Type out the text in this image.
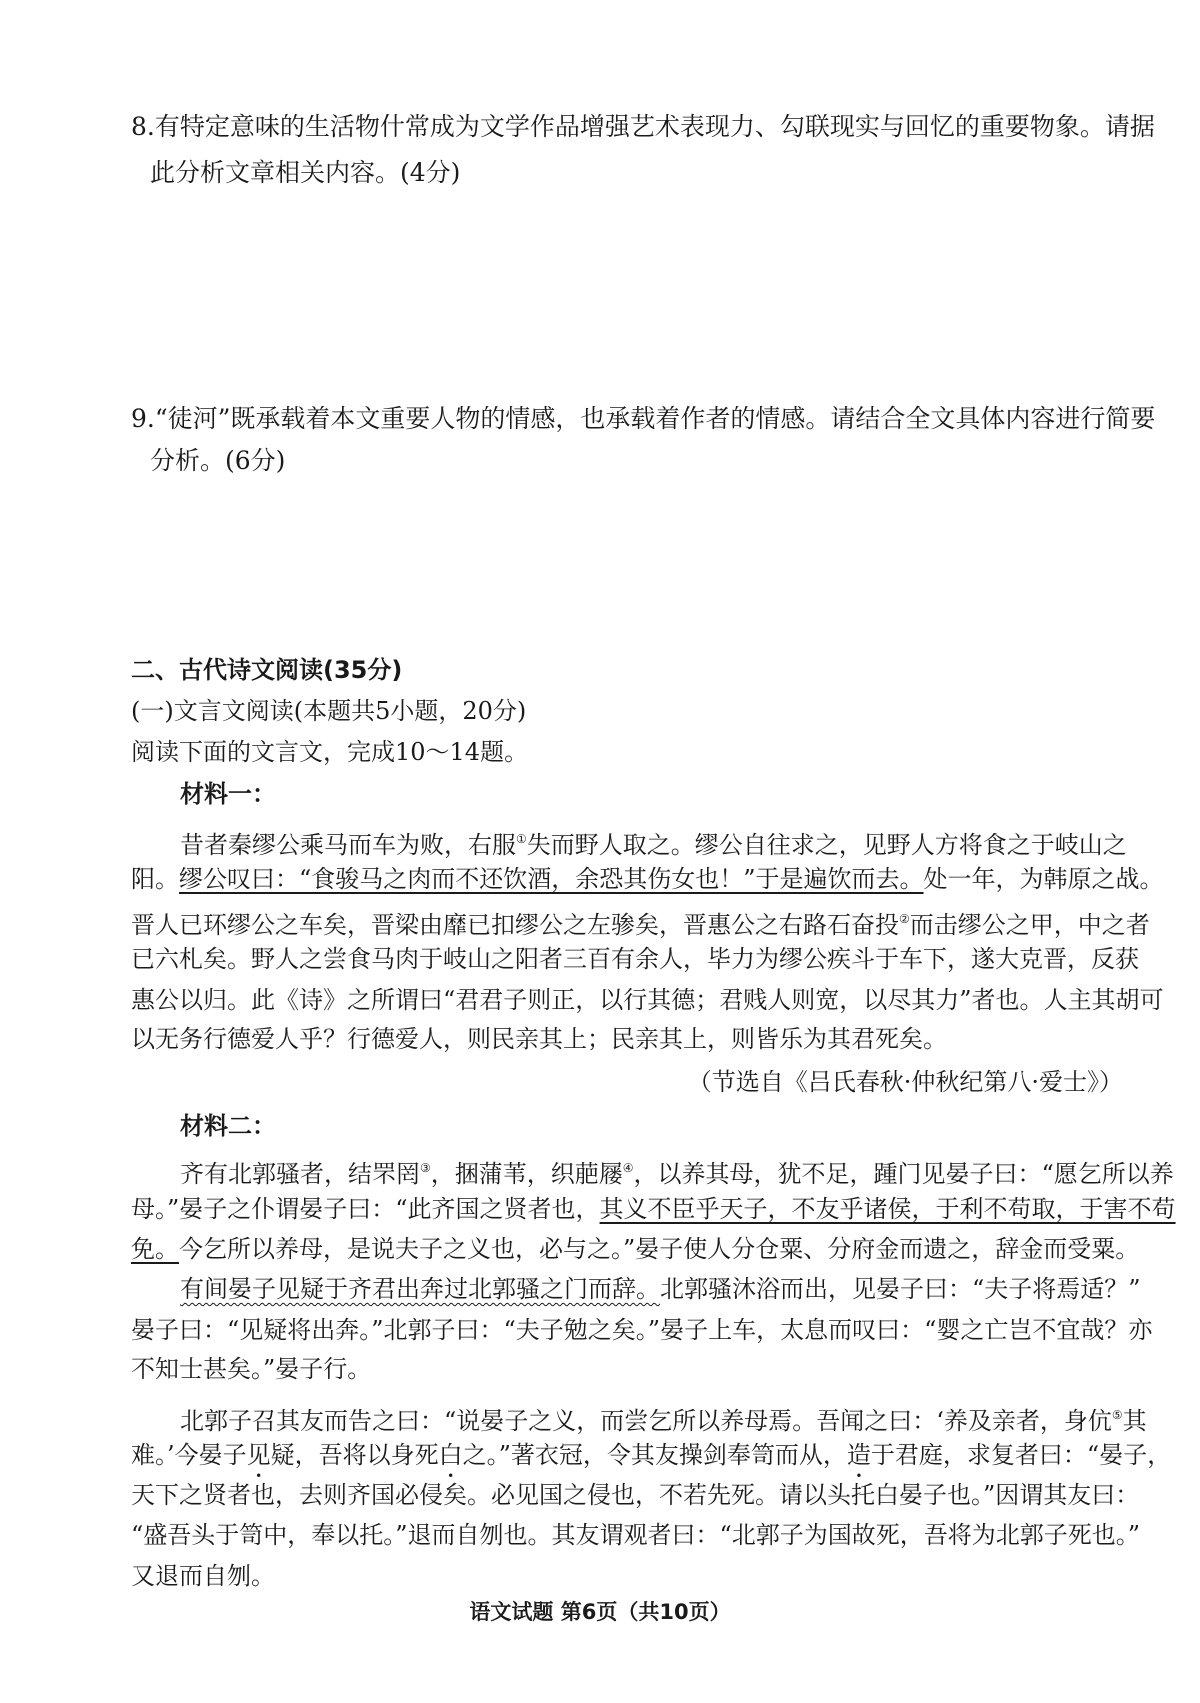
二、古代诗文阅读(35分)
(一)文言文阅读(本题共5小题，20分)
阅读下面的文言文，完成10～14题。
材料一：
（节选自《吕氏春秋·仲秋纪第八·爱士》）
材料二：
语文试题 第6页（共10页）
8.有特定意味的生活物什常成为文学作品增强艺术表现力、勾联现实与回忆的重要物象。请据
此分析文章相关内容。(4分)
9.“徒河”既承载着本文重要人物的情感，也承载着作者的情感。请结合全文具体内容进行简要
分析。(6分)
昔者秦缪公乘马而车为败，右服①失而野人取之。缪公自往求之，见野人方将食之于岐山之
阳。缪公叹曰：“食骏马之肉而不还饮酒，余恐其伤女也！”于是遍饮而去。处一年，为韩原之战。
晋人已环缪公之车矣，晋梁由靡已扣缪公之左骖矣，晋惠公之右路石奋投②而击缪公之甲，中之者
已六札矣。野人之尝食马肉于岐山之阳者三百有余人，毕力为缪公疾斗于车下，遂大克晋，反获
惠公以归。此《诗》之所谓曰“君君子则正，以行其德；君贱人则宽，以尽其力”者也。人主其胡可
以无务行德爱人乎？行德爱人，则民亲其上；民亲其上，则皆乐为其君死矣。
齐有北郭骚者，结罘罔③，捆蒲苇，织萉屦④，以养其母，犹不足，踵门见晏子曰：“愿乞所以养
母。”晏子之仆谓晏子曰：“此齐国之贤者也，其义不臣乎天子，不友乎诸侯，于利不苟取，于害不苟
免。今乞所以养母，是说夫子之义也，必与之。”晏子使人分仓粟、分府金而遗之，辞金而受粟。
有间晏子见疑于齐君出奔过北郭骚之门而辞。北郭骚沐浴而出，见晏子曰：“夫子将焉适？”
晏子曰：“见疑将出奔。”北郭子曰：“夫子勉之矣。”晏子上车，太息而叹曰：“婴之亡岂不宜哉？亦
不知士甚矣。”晏子行。
北郭子召其友而告之曰：“说晏子之义，而尝乞所以养母焉。吾闻之曰：‘养及亲者，身伉⑤其
难。’今晏子见疑，吾将以身死白之。”著衣冠，令其友操剑奉笥而从，造于君庭，求复者曰：“晏子，
天下之贤者也，去则齐国必侵矣。必见国之侵也，不若先死。请以头托白晏子也。”因谓其友曰：
“盛吾头于笥中，奉以托。”退而自刎也。其友谓观者曰：“北郭子为国故死，吾将为北郭子死也。”
又退而自刎。
